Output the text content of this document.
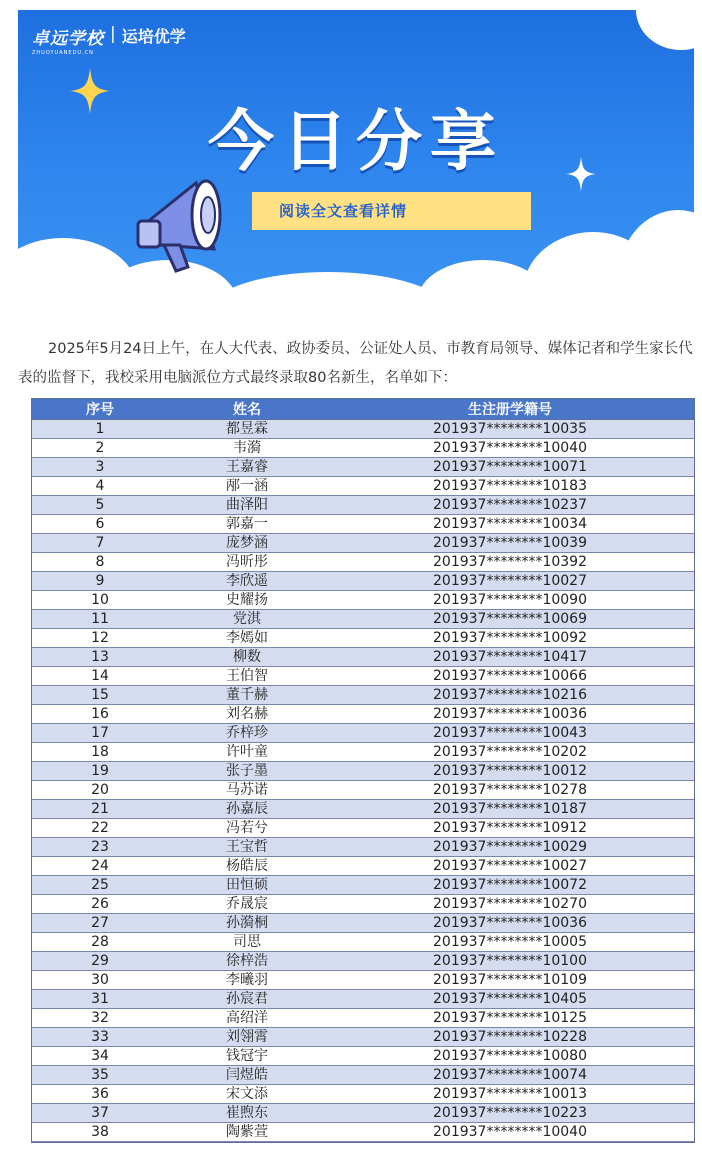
卓远学校
ZHUOYUANEDU.CN
| 运培优学
今日分享
阅读全文查看详情

2025年5月24日上午，在人大代表、政协委员、公证处人员、市教育局领导、媒体记者和学生家长代表的监督下，我校采用电脑派位方式最终录取80名新生，名单如下：

序号	姓名	生注册学籍号
1	都昱霖	201937********10035
2	韦漪	201937********10040
3	王嘉睿	201937********10071
4	邴一涵	201937********10183
5	曲泽阳	201937********10237
6	郭嘉一	201937********10034
7	庞梦涵	201937********10039
8	冯昕彤	201937********10392
9	李欣遥	201937********10027
10	史耀扬	201937********10090
11	党淇	201937********10069
12	李嫣如	201937********10092
13	柳数	201937********10417
14	王伯智	201937********10066
15	董千赫	201937********10216
16	刘名赫	201937********10036
17	乔梓珍	201937********10043
18	许叶童	201937********10202
19	张子墨	201937********10012
20	马苏诺	201937********10278
21	孙嘉辰	201937********10187
22	冯若兮	201937********10912
23	王宝哲	201937********10029
24	杨皓辰	201937********10027
25	田恒硕	201937********10072
26	乔晟宸	201937********10270
27	孙漪桐	201937********10036
28	司思	201937********10005
29	徐梓浩	201937********10100
30	李曦羽	201937********10109
31	孙宸君	201937********10405
32	高绍洋	201937********10125
33	刘翎霄	201937********10228
34	钱冠宇	201937********10080
35	闫煜皓	201937********10074
36	宋文添	201937********10013
37	崔煦东	201937********10223
38	陶紫萱	201937********10040
